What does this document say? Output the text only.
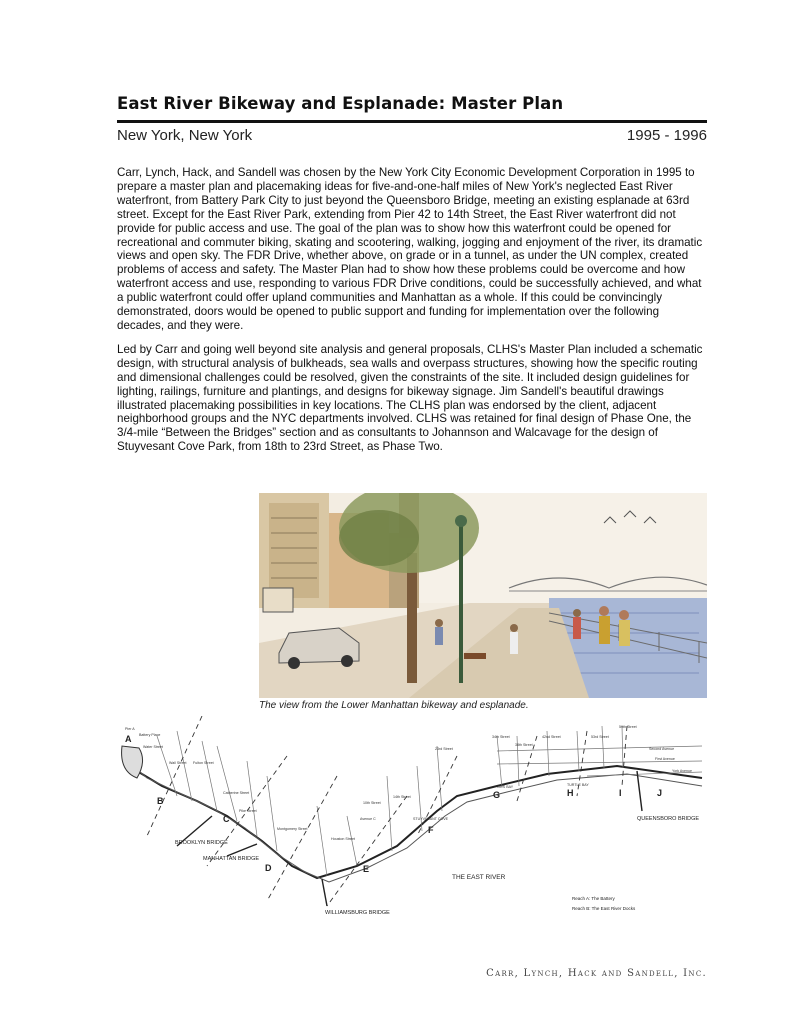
East River Bikeway and Esplanade: Master Plan
New York, New York	1995 - 1996

Carr, Lynch, Hack, and Sandell was chosen by the New York City Economic Development Corporation in 1995 to prepare a master plan and placemaking ideas for five-and-one-half miles of New York's neglected East River waterfront, from Battery Park City to just beyond the Queensboro Bridge, meeting an existing esplanade at 63rd street. Except for the East River Park, extending from Pier 42 to 14th Street, the East River waterfront did not provide for public access and use. The goal of the plan was to show how this waterfront could be opened for recreational and commuter biking, skating and scootering, walking, jogging and enjoyment of the river, its dramatic views and open sky. The FDR Drive, whether above, on grade or in a tunnel, as under the UN complex, created problems of access and safety. The Master Plan had to show how these problems could be overcome and how waterfront access and use, responding to various FDR Drive conditions, could be successfully achieved, and what a public waterfront could offer upland communities and Manhattan as a whole. If this could be convincingly demonstrated, doors would be opened to public support and funding for implementation over the following decades, and they were.

Led by Carr and going well beyond site analysis and general proposals, CLHS's Master Plan included a schematic design, with structural analysis of bulkheads, sea walls and overpass structures, showing how the specific routing and dimensional challenges could be resolved, given the constraints of the site. It included design guidelines for lighting, railings, furniture and plantings, and designs for bikeway signage. Jim Sandell's beautiful drawings illustrated placemaking possibilities in key locations. The CLHS plan was endorsed by the client, adjacent neighborhood groups and the NYC departments involved. CLHS was retained for final design of Phase One, the 3/4-mile “Between the Bridges” section and as consultants to Johannson and Walcavage for the design of Stuyvesant Cove Park, from 18th to 23rd Street, as Phase Two.

The view from the Lower Manhattan bikeway and esplanade.
A
B
C
D	E
F
G	H	I	J
BROOKLYN BRIDGE
MANHATTAN BRIDGE
WILLIAMSBURG BRIDGE
QUEENSBORO BRIDGE
THE EAST RIVER
Reach A: The Battery
Reach B: The East River Docks
Pier A
Battery Place
Water Street
Wall Street Fulton Street
Catherine Street
Pike Street
Montgomery Street
Houston Street
10th Street
14th Street
23rd Street
34th Street
38th Street
42nd Street	53rd Street
59th Street
Second Avenue
First Avenue
York Avenue
Avenue C	STUYVESANT COVE
KIPS BAY	TURTLE BAY
Carr, Lynch, Hack and Sandell, Inc.
